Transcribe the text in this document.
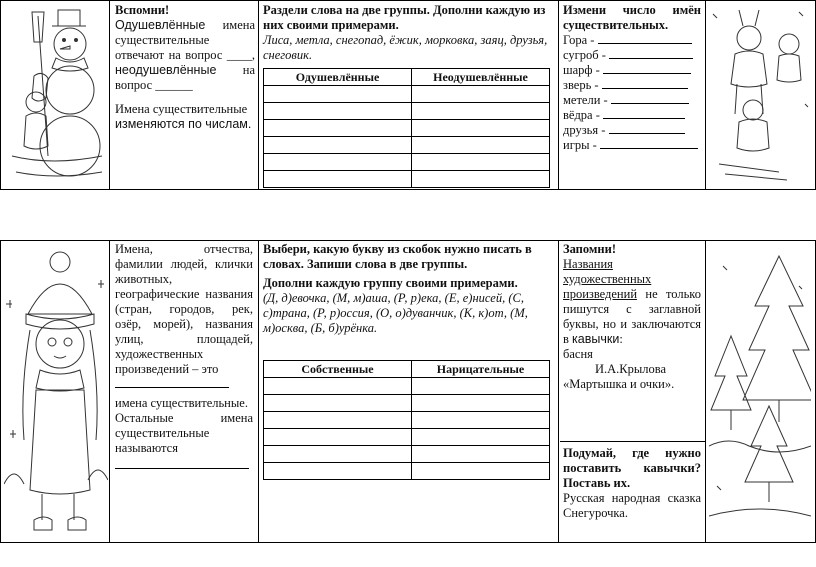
Вспомни!
Одушевлённые имена существительные отвечают на вопрос ____, неодушевлённые на вопрос ______
Имена существительные изменяются по числам.
Раздели слова на две группы. Дополни каждую из них своими примерами.
Лиса, метла, снегопад, ёжик, морковка, заяц, друзья, снеговик.
Одушевлённые	Неодушевлённые

Измени число имён существительных.
Гора -
сугроб -
шарф -
зверь -
метели -
вёдра -
друзья -
игры -
Имена, отчества, фамилии людей, клички животных, географические названия (стран, городов, рек, озёр, морей), названия улиц, площадей, художественных произведений – это
имена существительные.
Остальные имена существительные называются
Выбери, какую букву из скобок нужно писать в словах. Запиши слова в две группы.
Дополни каждую группу своими примерами.
(Д, д)евочка, (М, м)аша, (Р, р)ека, (Е, е)нисей, (С, с)трана, (Р, р)оссия, (О, о)дуванчик, (К, к)от, (М, м)осква, (Б, б)урёнка.
Собственные	Нарицательные

Запомни!
Названия художественных произведений не только пишутся с заглавной буквы, но и заключаются в кавычки:
басня
И.А.Крылова
«Мартышка и очки».
Подумай, где нужно поставить кавычки? Поставь их.
Русская народная сказка Снегурочка.
